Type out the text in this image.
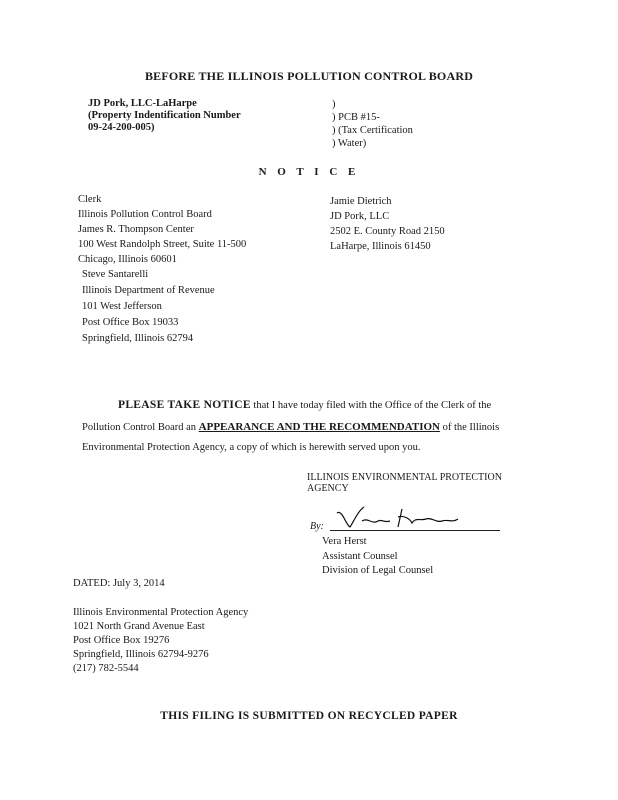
BEFORE THE ILLINOIS POLLUTION CONTROL BOARD
JD Pork, LLC-LaHarpe
(Property Indentification Number
09-24-200-005)
)
) PCB #15-
) (Tax Certification
) Water)
N O T I C E
Clerk
Illinois Pollution Control Board
James R. Thompson Center
100 West Randolph Street, Suite 11-500
Chicago, Illinois 60601
Steve Santarelli
Illinois Department of Revenue
101 West Jefferson
Post Office Box 19033
Springfield, Illinois 62794
Jamie Dietrich
JD Pork, LLC
2502 E. County Road 2150
LaHarpe, Illinois 61450
PLEASE TAKE NOTICE that I have today filed with the Office of the Clerk of the
Pollution Control Board an APPEARANCE AND THE RECOMMENDATION of the Illinois
Environmental Protection Agency, a copy of which is herewith served upon you.
ILLINOIS ENVIRONMENTAL PROTECTION
AGENCY
By:
Vera Herst
Assistant Counsel
Division of Legal Counsel
DATED: July 3, 2014
Illinois Environmental Protection Agency
1021 North Grand Avenue East
Post Office Box 19276
Springfield, Illinois 62794-9276
(217) 782-5544
THIS FILING IS SUBMITTED ON RECYCLED PAPER
